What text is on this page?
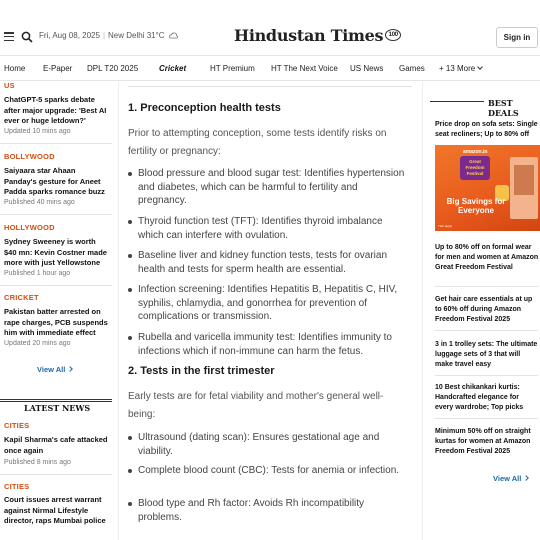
Fri, Aug 08, 2025 | New Delhi 31°C	Hindustan Times 100	Sign in
Home E-Paper DPL T20 2025	Cricket	HT Premium HT The Next Voice US News Games + 13 More
US
ChatGPT-5 sparks debate after major upgrade: 'Best AI ever or huge letdown?'
Updated 10 mins ago
BOLLYWOOD
Saiyaara star Ahaan Panday's gesture for Aneet Padda sparks romance buzz
Published 40 mins ago
HOLLYWOOD
Sydney Sweeney is worth $40 mn: Kevin Costner made more with just Yellowstone
Published 1 hour ago
CRICKET
Pakistan batter arrested on rape charges, PCB suspends him with immediate effect
Updated 20 mins ago
View All
LATEST NEWS
CITIES
Kapil Sharma's cafe attacked once again
Published 8 mins ago
CITIES
Court issues arrest warrant against Nirmal Lifestyle director, raps Mumbai police
1. Preconception health tests
Prior to attempting conception, some tests identify risks on fertility or pregnancy:
Blood pressure and blood sugar test: Identifies hypertension and diabetes, which can be harmful to fertility and pregnancy.
Thyroid function test (TFT): Identifies thyroid imbalance which can interfere with ovulation.
Baseline liver and kidney function tests, tests for ovarian health and tests for sperm health are essential.
Infection screening: Identifies Hepatitis B, Hepatitis C, HIV, syphilis, chlamydia, and gonorrhea for prevention of complications or transmission.
Rubella and varicella immunity test: Identifies immunity to infections which if non-immune can harm the fetus.
2. Tests in the first trimester
Early tests are for fetal viability and mother's general well-being:
Ultrasound (dating scan): Ensures gestational age and viability.
Complete blood count (CBC): Tests for anemia or infection.
Blood type and Rh factor: Avoids Rh incompatibility problems.
BEST DEALS
Price drop on sofa sets: Single seat recliners; Up to 80% off
amazon.in
Great Freedom Festival
Big Savings for Everyone
T&C apply
Up to 80% off on formal wear for men and women at Amazon Great Freedom Festival
Get hair care essentials at up to 60% off during Amazon Freedom Festival 2025
3 in 1 trolley sets: The ultimate luggage sets of 3 that will make travel easy
10 Best chikankari kurtis: Handcrafted elegance for every wardrobe; Top picks
Minimum 50% off on straight kurtas for women at Amazon Freedom Festival 2025
View All
